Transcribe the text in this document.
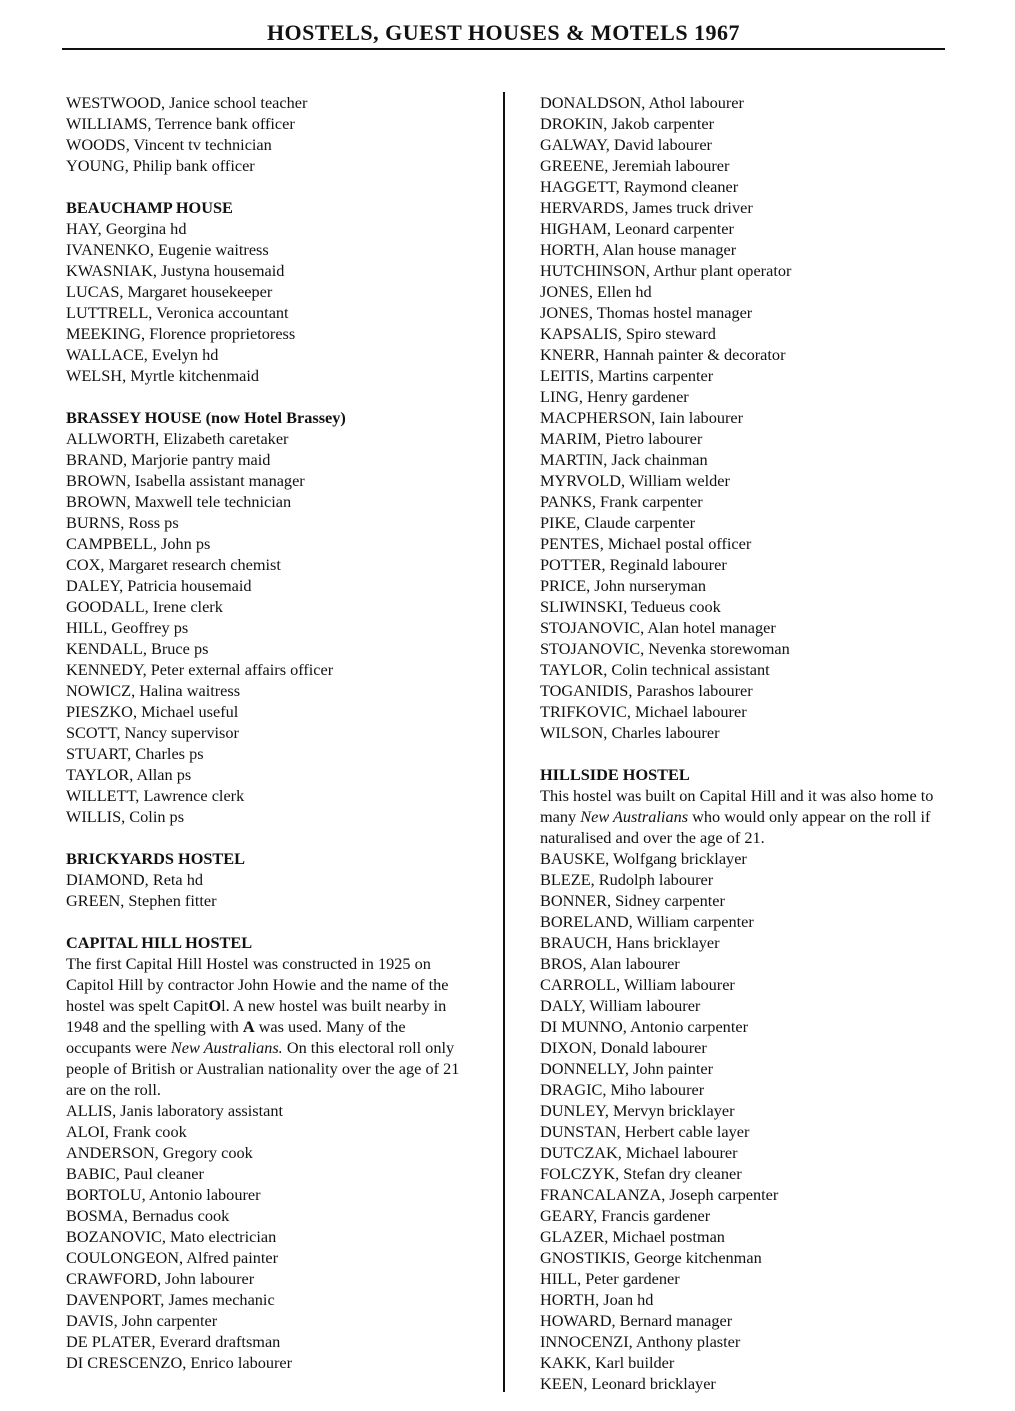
HOSTELS, GUEST HOUSES & MOTELS 1967
WESTWOOD, Janice school teacher
WILLIAMS, Terrence bank officer
WOODS, Vincent tv technician
YOUNG, Philip bank officer
BEAUCHAMP HOUSE
HAY, Georgina hd
IVANENKO, Eugenie waitress
KWASNIAK, Justyna housemaid
LUCAS, Margaret housekeeper
LUTTRELL, Veronica accountant
MEEKING, Florence proprietoress
WALLACE, Evelyn hd
WELSH, Myrtle kitchenmaid
BRASSEY HOUSE (now Hotel Brassey)
ALLWORTH, Elizabeth caretaker
BRAND, Marjorie pantry maid
BROWN, Isabella assistant manager
BROWN, Maxwell tele technician
BURNS, Ross ps
CAMPBELL, John ps
COX, Margaret research chemist
DALEY, Patricia housemaid
GOODALL, Irene clerk
HILL, Geoffrey ps
KENDALL, Bruce ps
KENNEDY, Peter external affairs officer
NOWICZ, Halina waitress
PIESZKO, Michael useful
SCOTT, Nancy supervisor
STUART, Charles ps
TAYLOR, Allan ps
WILLETT, Lawrence clerk
WILLIS, Colin ps
BRICKYARDS HOSTEL
DIAMOND, Reta hd
GREEN, Stephen fitter
CAPITAL HILL HOSTEL
The first Capital Hill Hostel was constructed in 1925 on Capitol Hill by contractor John Howie and the name of the hostel was spelt CapitOl. A new hostel was built nearby in 1948 and the spelling with A was used. Many of the occupants were New Australians. On this electoral roll only people of British or Australian nationality over the age of 21 are on the roll.
ALLIS, Janis laboratory assistant
ALOI, Frank cook
ANDERSON, Gregory cook
BABIC, Paul cleaner
BORTOLU, Antonio labourer
BOSMA, Bernadus cook
BOZANOVIC, Mato electrician
COULONGEON, Alfred painter
CRAWFORD, John labourer
DAVENPORT, James mechanic
DAVIS, John carpenter
DE PLATER, Everard draftsman
DI CRESCENZO, Enrico labourer
DONALDSON, Athol labourer
DROKIN, Jakob carpenter
GALWAY, David labourer
GREENE, Jeremiah labourer
HAGGETT, Raymond cleaner
HERVARDS, James truck driver
HIGHAM, Leonard carpenter
HORTH, Alan house manager
HUTCHINSON, Arthur plant operator
JONES, Ellen hd
JONES, Thomas hostel manager
KAPSALIS, Spiro steward
KNERR, Hannah painter & decorator
LEITIS, Martins carpenter
LING, Henry gardener
MACPHERSON, Iain labourer
MARIM, Pietro labourer
MARTIN, Jack chainman
MYRVOLD, William welder
PANKS, Frank carpenter
PIKE, Claude carpenter
PENTES, Michael postal officer
POTTER, Reginald labourer
PRICE, John nurseryman
SLIWINSKI, Tedueus cook
STOJANOVIC, Alan hotel manager
STOJANOVIC, Nevenka storewoman
TAYLOR, Colin technical assistant
TOGANIDIS, Parashos labourer
TRIFKOVIC, Michael labourer
WILSON, Charles labourer
HILLSIDE HOSTEL
This hostel was built on Capital Hill and it was also home to many New Australians who would only appear on the roll if naturalised and over the age of 21.
BAUSKE, Wolfgang bricklayer
BLEZE, Rudolph labourer
BONNER, Sidney carpenter
BORELAND, William carpenter
BRAUCH, Hans bricklayer
BROS, Alan labourer
CARROLL, William labourer
DALY, William labourer
DI MUNNO, Antonio carpenter
DIXON, Donald labourer
DONNELLY, John painter
DRAGIC, Miho labourer
DUNLEY, Mervyn bricklayer
DUNSTAN, Herbert cable layer
DUTCZAK, Michael labourer
FOLCZYK, Stefan dry cleaner
FRANCALANZA, Joseph carpenter
GEARY, Francis gardener
GLAZER, Michael postman
GNOSTIKIS, George kitchenman
HILL, Peter gardener
HORTH, Joan hd
HOWARD, Bernard manager
INNOCENZI, Anthony plaster
KAKK, Karl builder
KEEN, Leonard bricklayer
